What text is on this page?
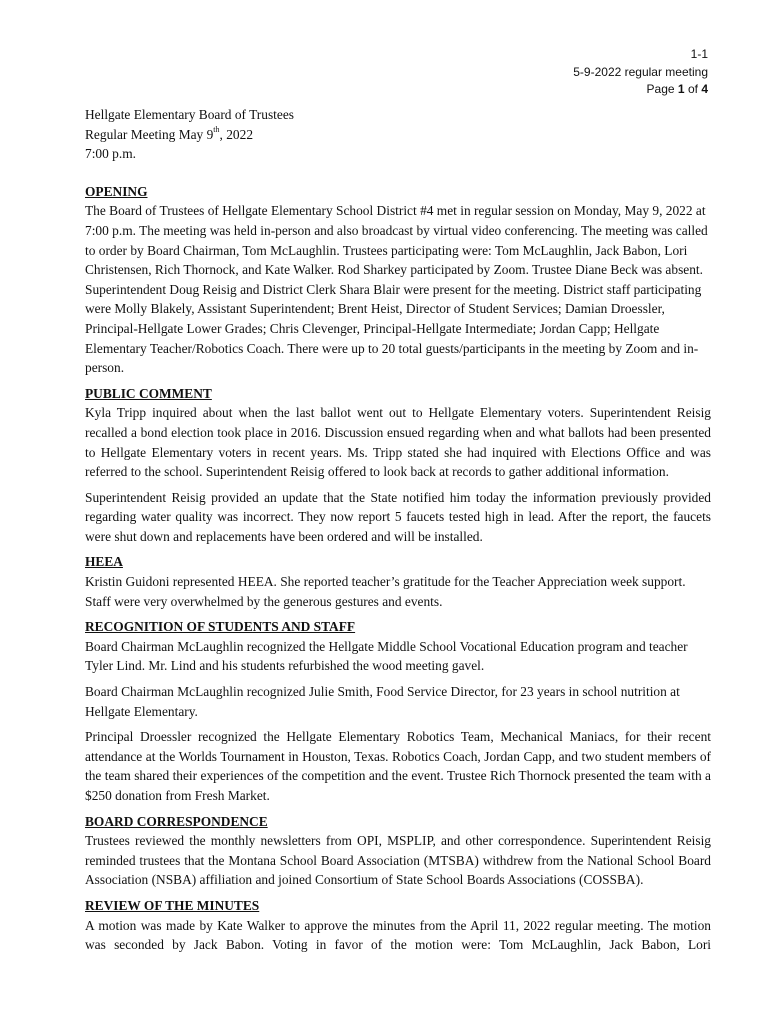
1-1
5-9-2022 regular meeting
Page 1 of 4

Hellgate Elementary Board of Trustees

Regular Meeting May 9th, 2022

7:00 p.m.

OPENING

The Board of Trustees of Hellgate Elementary School District #4 met in regular session on Monday, May 9, 2022 at 7:00 p.m. The meeting was held in-person and also broadcast by virtual video conferencing. The meeting was called to order by Board Chairman, Tom McLaughlin. Trustees participating were: Tom McLaughlin, Jack Babon, Lori Christensen, Rich Thornock, and Kate Walker. Rod Sharkey participated by Zoom. Trustee Diane Beck was absent. Superintendent Doug Reisig and District Clerk Shara Blair were present for the meeting. District staff participating were Molly Blakely, Assistant Superintendent; Brent Heist, Director of Student Services; Damian Droessler, Principal-Hellgate Lower Grades; Chris Clevenger, Principal-Hellgate Intermediate; Jordan Capp; Hellgate Elementary Teacher/Robotics Coach. There were up to 20 total guests/participants in the meeting by Zoom and in-person.

PUBLIC COMMENT

Kyla Tripp inquired about when the last ballot went out to Hellgate Elementary voters. Superintendent Reisig recalled a bond election took place in 2016. Discussion ensued regarding when and what ballots had been presented to Hellgate Elementary voters in recent years. Ms. Tripp stated she had inquired with Elections Office and was referred to the school. Superintendent Reisig offered to look back at records to gather additional information.

Superintendent Reisig provided an update that the State notified him today the information previously provided regarding water quality was incorrect. They now report 5 faucets tested high in lead. After the report, the faucets were shut down and replacements have been ordered and will be installed.

HEEA

Kristin Guidoni represented HEEA. She reported teacher’s gratitude for the Teacher Appreciation week support. Staff were very overwhelmed by the generous gestures and events.

RECOGNITION OF STUDENTS AND STAFF

Board Chairman McLaughlin recognized the Hellgate Middle School Vocational Education program and teacher Tyler Lind. Mr. Lind and his students refurbished the wood meeting gavel.

Board Chairman McLaughlin recognized Julie Smith, Food Service Director, for 23 years in school nutrition at Hellgate Elementary.

Principal Droessler recognized the Hellgate Elementary Robotics Team, Mechanical Maniacs, for their recent attendance at the Worlds Tournament in Houston, Texas. Robotics Coach, Jordan Capp, and two student members of the team shared their experiences of the competition and the event. Trustee Rich Thornock presented the team with a $250 donation from Fresh Market.

BOARD CORRESPONDENCE

Trustees reviewed the monthly newsletters from OPI, MSPLIP, and other correspondence. Superintendent Reisig reminded trustees that the Montana School Board Association (MTSBA) withdrew from the National School Board Association (NSBA) affiliation and joined Consortium of State School Boards Associations (COSSBA).

REVIEW OF THE MINUTES

A motion was made by Kate Walker to approve the minutes from the April 11, 2022 regular meeting. The motion was seconded by Jack Babon. Voting in favor of the motion were: Tom McLaughlin, Jack Babon, Lori
